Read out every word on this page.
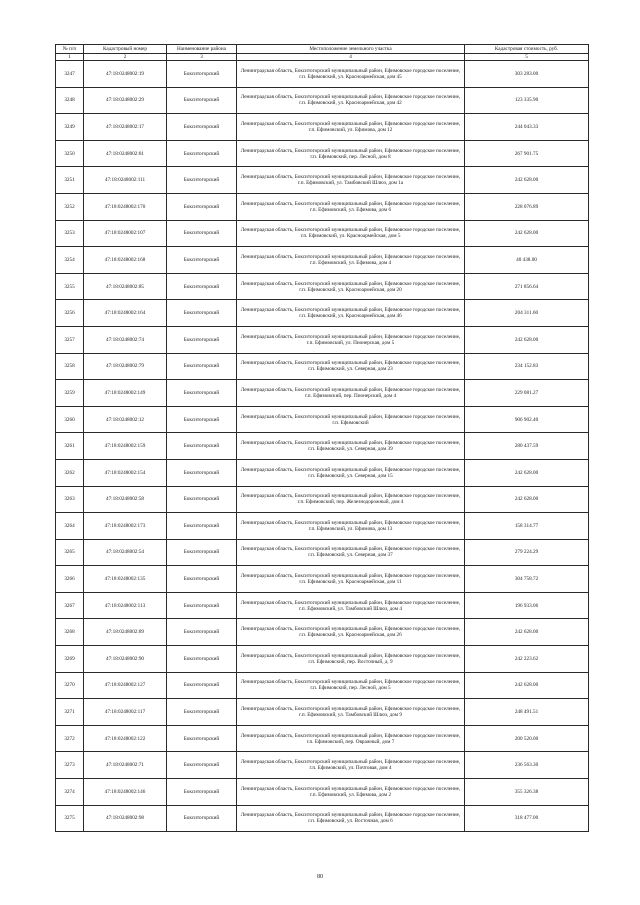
№ п/п	Кадастровый номер	Наименование района	Местоположение земельного участка	Кадастровая стоимость, руб.
1	2	3	4	5
3247	47:18:0248002:19	Бокситогорский	Ленинградская область, Бокситогорский муниципальный район, Ефимовское городское поселение, г.п. Ефимовский, ул. Красноармейская, дом 45	303 283.00
3248	47:18:0248002:29	Бокситогорский	Ленинградская область, Бокситогорский муниципальный район, Ефимовское городское поселение, г.п. Ефимовский, ул. Красноармейская, дом 42	123 335.90
3249	47:18:0248002:17	Бокситогорский	Ленинградская область, Бокситогорский муниципальный район, Ефимовское городское поселение, г.п. Ефимовский, ул. Ефимова, дом 12	244 043.33
3250	47:18:0248002:81	Бокситогорский	Ленинградская область, Бокситогорский муниципальный район, Ефимовское городское поселение, г.п. Ефимовский, пер. Лесной, дом 8	267 901.75
3251	47:18:0248002:111	Бокситогорский	Ленинградская область, Бокситогорский муниципальный район, Ефимовское городское поселение, г.п. Ефимовский, ул. Тамбовский Шлюз, дом 1а	242 628.00
3252	47:18:0248002:170	Бокситогорский	Ленинградская область, Бокситогорский муниципальный район, Ефимовское городское поселение, г.п. Ефимовский, ул. Ефимова, дом 6	228 076.89
3253	47:18:0248002:107	Бокситогорский	Ленинградская область, Бокситогорский муниципальный район, Ефимовское городское поселение, г.п. Ефимовский, ул. Красноармейская, дом 5	242 628.00
3254	47:18:0248002:168	Бокситогорский	Ленинградская область, Бокситогорский муниципальный район, Ефимовское городское поселение, г.п. Ефимовский, ул. Ефимова, дом 4	40 438.00
3255	47:18:0248002:85	Бокситогорский	Ленинградская область, Бокситогорский муниципальный район, Ефимовское городское поселение, г.п. Ефимовский, ул. Красноармейская, дом 20	271 856.64
3256	47:18:0248002:164	Бокситогорский	Ленинградская область, Бокситогорский муниципальный район, Ефимовское городское поселение, г.п. Ефимовский, ул. Красноармейская, дом 46	204 311.60
3257	47:18:0248002:74	Бокситогорский	Ленинградская область, Бокситогорский муниципальный район, Ефимовское городское поселение, г.п. Ефимовский, ул. Пионерская, дом 5	242 628.00
3258	47:18:0248002:79	Бокситогорский	Ленинградская область, Бокситогорский муниципальный район, Ефимовское городское поселение, г.п. Ефимовский, ул. Северная, дом 23	234 152.83
3259	47:18:0248002:149	Бокситогорский	Ленинградская область, Бокситогорский муниципальный район, Ефимовское городское поселение, г.п. Ефимовский, пер. Пионерский, дом 4	229 081.27
3260	47:18:0248002:12	Бокситогорский	Ленинградская область, Бокситогорский муниципальный район, Ефимовское городское поселение, г.п. Ефимовский	906 902.40
3261	47:18:0248002:159	Бокситогорский	Ленинградская область, Бокситогорский муниципальный район, Ефимовское городское поселение, г.п. Ефимовский, ул. Северная, дом 39	280 437.59
3262	47:18:0248002:154	Бокситогорский	Ленинградская область, Бокситогорский муниципальный район, Ефимовское городское поселение, г.п. Ефимовский, ул. Северная, дом 15	242 628.00
3263	47:18:0248002:58	Бокситогорский	Ленинградская область, Бокситогорский муниципальный район, Ефимовское городское поселение, г.п. Ефимовский, пер. Железнодорожный, дом 4	242 628.00
3264	47:18:0248002:173	Бокситогорский	Ленинградская область, Бокситогорский муниципальный район, Ефимовское городское поселение, г.п. Ефимовский, ул. Ефимова, дом 13	158 314.77
3265	47:18:0248002:54	Бокситогорский	Ленинградская область, Бокситогорский муниципальный район, Ефимовское городское поселение, г.п. Ефимовский, ул. Северная, дом 37	279 224.29
3266	47:18:0248002:135	Бокситогорский	Ленинградская область, Бокситогорский муниципальный район, Ефимовское городское поселение, г.п. Ефимовский, ул. Красноармейская, дом 11	304 758.72
3267	47:18:0248002:113	Бокситогорский	Ленинградская область, Бокситогорский муниципальный район, Ефимовское городское поселение, г.п. Ефимовский, ул. Тамбовский Шлюз, дом 4	196 933.06
3268	47:18:0248002:89	Бокситогорский	Ленинградская область, Бокситогорский муниципальный район, Ефимовское городское поселение, г.п. Ефимовский, ул. Красноармейская, дом 26	242 628.00
3269	47:18:0248002:90	Бокситогорский	Ленинградская область, Бокситогорский муниципальный район, Ефимовское городское поселение, г.п. Ефимовский, пер. Восточный, д. 9	242 223.62
3270	47:18:0248002:127	Бокситогорский	Ленинградская область, Бокситогорский муниципальный район, Ефимовское городское поселение, г.п. Ефимовский, пер. Лесной, дом 5	242 628.00
3271	47:18:0248002:117	Бокситогорский	Ленинградская область, Бокситогорский муниципальный район, Ефимовское городское поселение, г.п. Ефимовский, ул. Тамбовский Шлюз, дом 9	248 491.51
3272	47:18:0248002:122	Бокситогорский	Ленинградская область, Бокситогорский муниципальный район, Ефимовское городское поселение, г.п. Ефимовский, пер. Овражный, дом 7	200 520.00
3273	47:18:0248002:71	Бокситогорский	Ленинградская область, Бокситогорский муниципальный район, Ефимовское городское поселение, г.п. Ефимовский, ул. Почтовая, дом 4	236 563.30
3274	47:18:0248002:146	Бокситогорский	Ленинградская область, Бокситогорский муниципальный район, Ефимовское городское поселение, г.п. Ефимовский, ул. Ефимова, дом 2	355 326.38
3275	47:18:0248002:98	Бокситогорский	Ленинградская область, Бокситогорский муниципальный район, Ефимовское городское поселение, г.п. Ефимовский, ул. Восточная, дом 6	318 477.00
80
